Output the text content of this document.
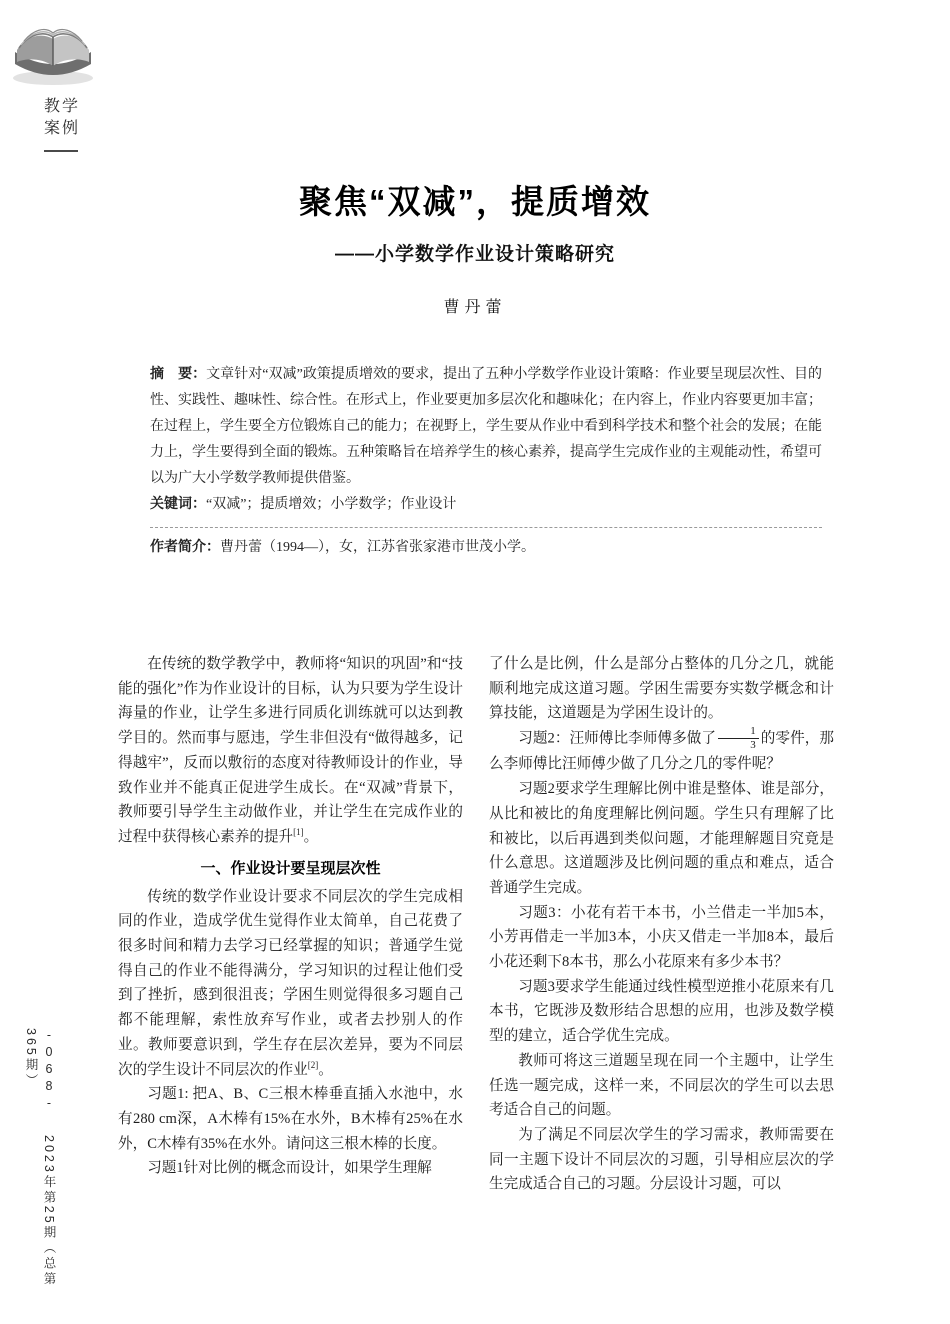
教学
案例
-068- 2023年第25期（总第365期）
聚焦“双减”，提质增效
——小学数学作业设计策略研究
曹丹蕾

摘　要：文章针对“双减”政策提质增效的要求，提出了五种小学数学作业设计策略：作业要呈现层次性、目的性、实践性、趣味性、综合性。在形式上，作业要更加多层次化和趣味化；在内容上，作业内容要更加丰富；在过程上，学生要全方位锻炼自己的能力；在视野上，学生要从作业中看到科学技术和整个社会的发展；在能力上，学生要得到全面的锻炼。五种策略旨在培养学生的核心素养，提高学生完成作业的主观能动性，希望可以为广大小学数学教师提供借鉴。

关键词：“双减”；提质增效；小学数学；作业设计

作者简介：曹丹蕾（1994—），女，江苏省张家港市世茂小学。

在传统的数学教学中，教师将“知识的巩固”和“技能的强化”作为作业设计的目标，认为只要为学生设计海量的作业，让学生多进行同质化训练就可以达到教学目的。然而事与愿违，学生非但没有“做得越多，记得越牢”，反而以敷衍的态度对待教师设计的作业，导致作业并不能真正促进学生成长。在“双减”背景下，教师要引导学生主动做作业，并让学生在完成作业的过程中获得核心素养的提升[1]。

一、作业设计要呈现层次性

传统的数学作业设计要求不同层次的学生完成相同的作业，造成学优生觉得作业太简单，自己花费了很多时间和精力去学习已经掌握的知识；普通学生觉得自己的作业不能得满分，学习知识的过程让他们受到了挫折，感到很沮丧；学困生则觉得很多习题自己都不能理解，索性放弃写作业，或者去抄别人的作业。教师要意识到，学生存在层次差异，要为不同层次的学生设计不同层次的作业[2]。

习题1: 把A、B、C三根木棒垂直插入水池中，水有280 cm深，A木棒有15%在水外，B木棒有25%在水外，C木棒有35%在水外。请问这三根木棒的长度。

习题1针对比例的概念而设计，如果学生理解

了什么是比例，什么是部分占整体的几分之几，就能顺利地完成这道习题。学困生需要夯实数学概念和计算技能，这道题是为学困生设计的。

习题2：汪师傅比李师傅多做了 $\frac{1}{3}$ 的零件，那么李师傅比汪师傅少做了几分之几的零件呢？

习题2要求学生理解比例中谁是整体、谁是部分，从比和被比的角度理解比例问题。学生只有理解了比和被比，以后再遇到类似问题，才能理解题目究竟是什么意思。这道题涉及比例问题的重点和难点，适合普通学生完成。

习题3：小花有若干本书，小兰借走一半加5本，小芳再借走一半加3本，小庆又借走一半加8本，最后小花还剩下8本书，那么小花原来有多少本书？

习题3要求学生能通过线性模型逆推小花原来有几本书，它既涉及数形结合思想的应用，也涉及数学模型的建立，适合学优生完成。

教师可将这三道题呈现在同一个主题中，让学生任选一题完成，这样一来，不同层次的学生可以去思考适合自己的问题。

为了满足不同层次学生的学习需求，教师需要在同一主题下设计不同层次的习题，引导相应层次的学生完成适合自己的习题。分层设计习题，可以
